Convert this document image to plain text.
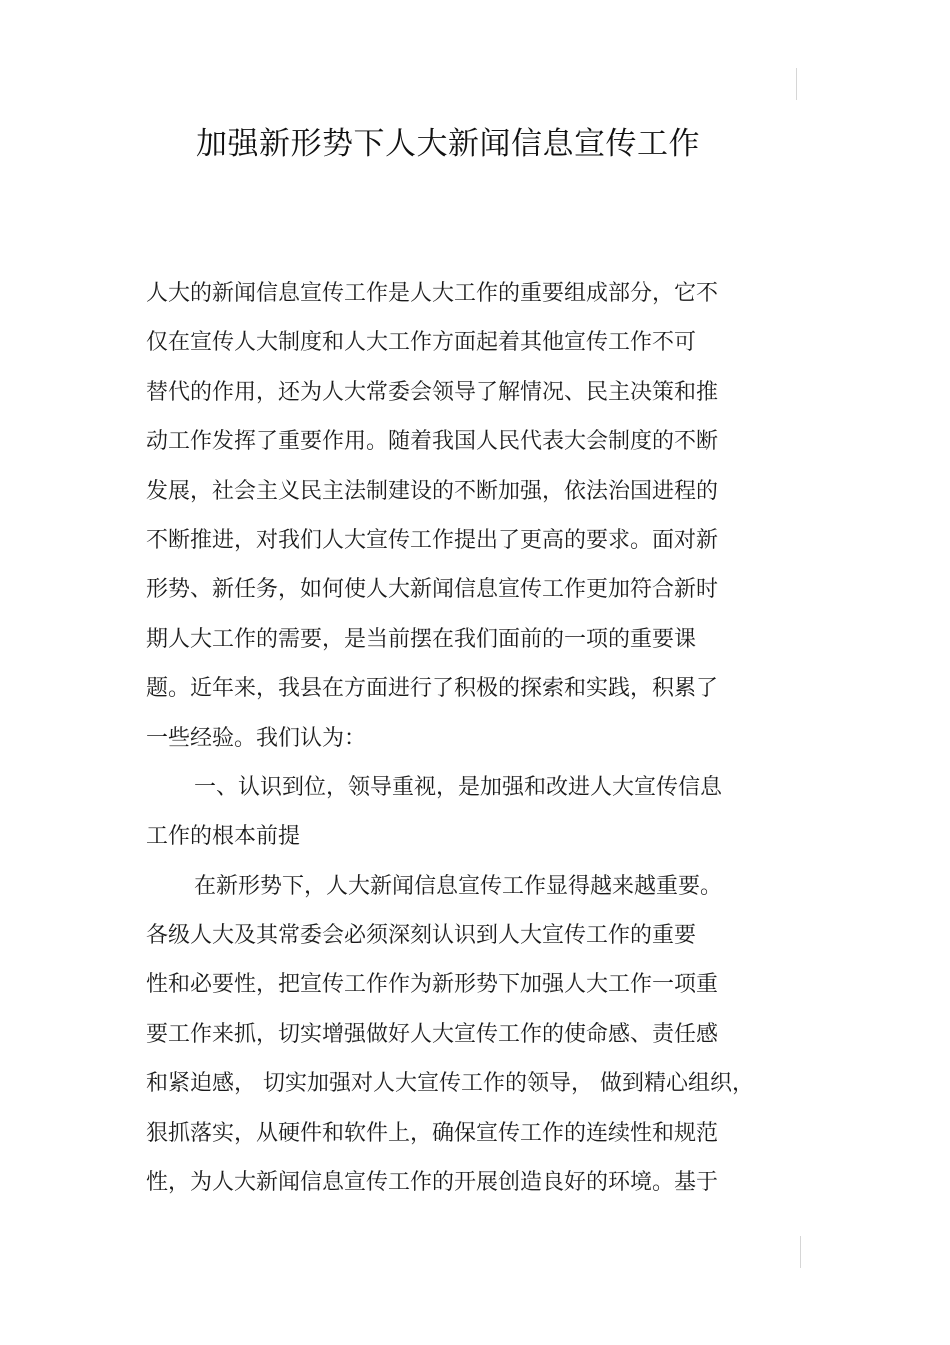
加强新形势下人大新闻信息宣传工作
人大的新闻信息宣传工作是人大工作的重要组成部分，它不
仅在宣传人大制度和人大工作方面起着其他宣传工作不可
替代的作用，还为人大常委会领导了解情况、民主决策和推
动工作发挥了重要作用。随着我国人民代表大会制度的不断
发展，社会主义民主法制建设的不断加强，依法治国进程的
不断推进，对我们人大宣传工作提出了更高的要求。面对新
形势、新任务，如何使人大新闻信息宣传工作更加符合新时
期人大工作的需要，是当前摆在我们面前的一项的重要课
题。近年来，我县在方面进行了积极的探索和实践，积累了
一些经验。我们认为：
一、认识到位，领导重视，是加强和改进人大宣传信息
工作的根本前提
在新形势下，人大新闻信息宣传工作显得越来越重要。
各级人大及其常委会必须深刻认识到人大宣传工作的重要
性和必要性，把宣传工作作为新形势下加强人大工作一项重
要工作来抓，切实增强做好人大宣传工作的使命感、责任感
和紧迫感， 切实加强对人大宣传工作的领导， 做到精心组织，
狠抓落实，从硬件和软件上，确保宣传工作的连续性和规范
性，为人大新闻信息宣传工作的开展创造良好的环境。基于
